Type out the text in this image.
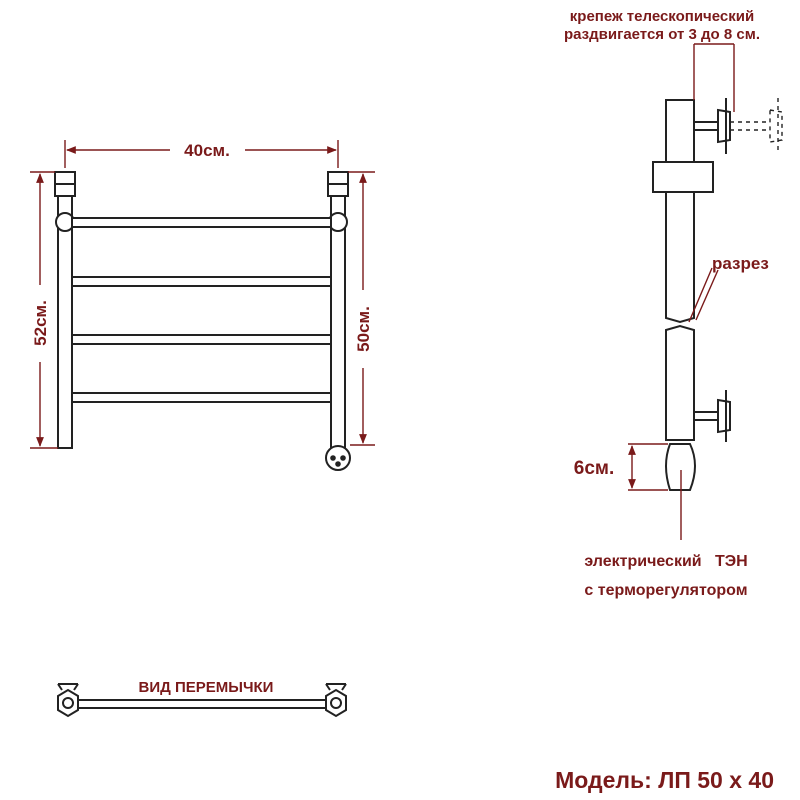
40см.
52см.	50см.
крепеж телескопический
раздвигается от 3 до 8 см.
разрез
6см.
электрический   ТЭН
с терморегулятором
ВИД ПЕРЕМЫЧКИ
Модель: ЛП 50 х 40
